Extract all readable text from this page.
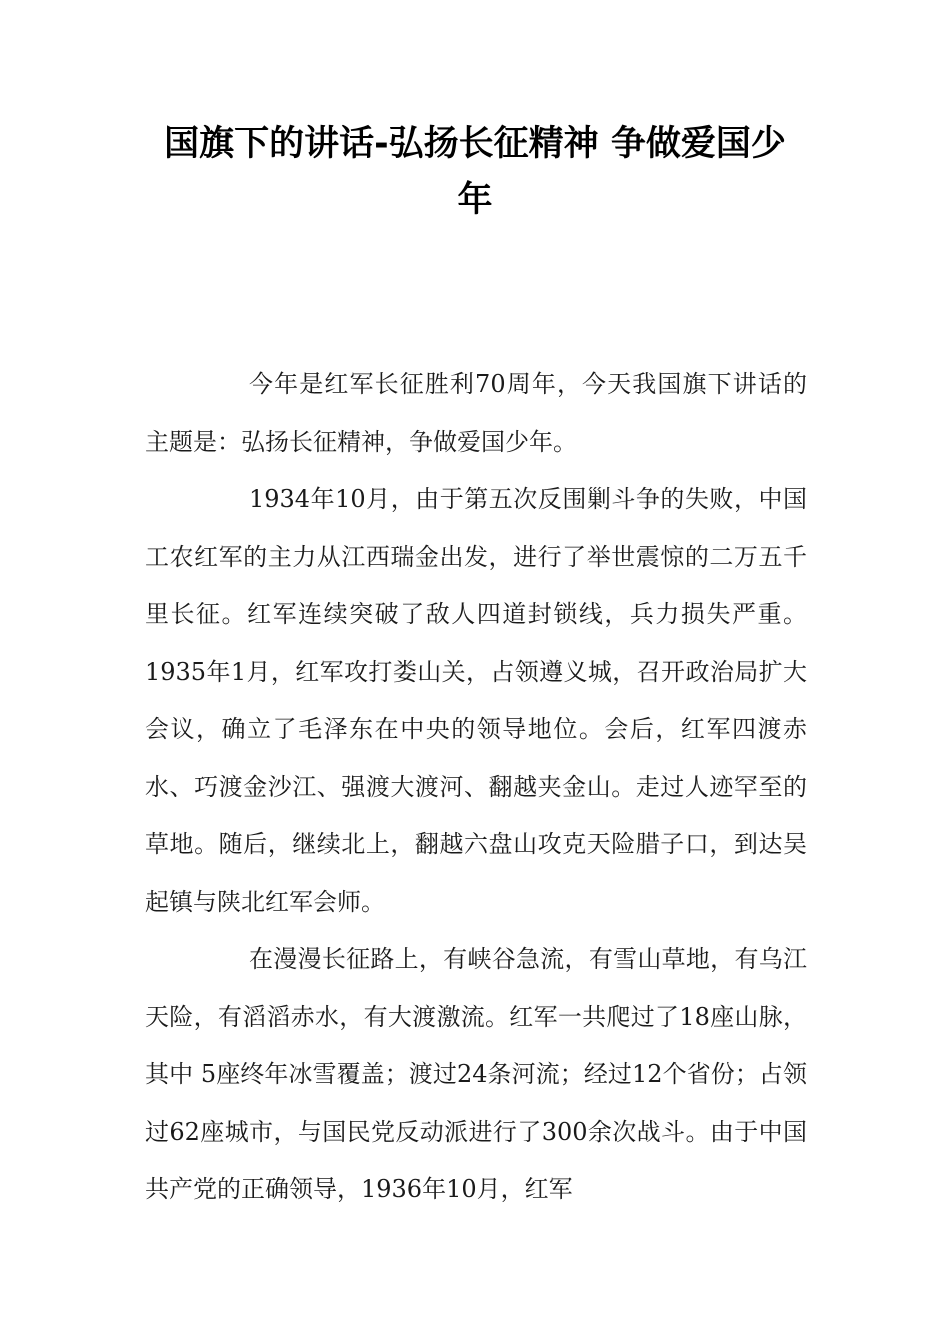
国旗下的讲话-弘扬长征精神 争做爱国少
年

今年是红军长征胜利70周年，今天我国旗下讲话的主题是：弘扬长征精神，争做爱国少年。

1934年10月，由于第五次反围剿斗争的失败，中国工农红军的主力从江西瑞金出发，进行了举世震惊的二万五千里长征。红军连续突破了敌人四道封锁线，兵力损失严重。1935年1月，红军攻打娄山关，占领遵义城，召开政治局扩大会议，确立了毛泽东在中央的领导地位。会后，红军四渡赤水、巧渡金沙江、强渡大渡河、翻越夹金山。走过人迹罕至的草地。随后，继续北上，翻越六盘山攻克天险腊子口，到达吴起镇与陕北红军会师。

在漫漫长征路上，有峡谷急流，有雪山草地，有乌江天险，有滔滔赤水，有大渡激流。红军一共爬过了18座山脉，其中 5座终年冰雪覆盖；渡过24条河流；经过12个省份；占领过62座城市，与国民党反动派进行了300余次战斗。由于中国共产党的正确领导，1936年10月，红军
